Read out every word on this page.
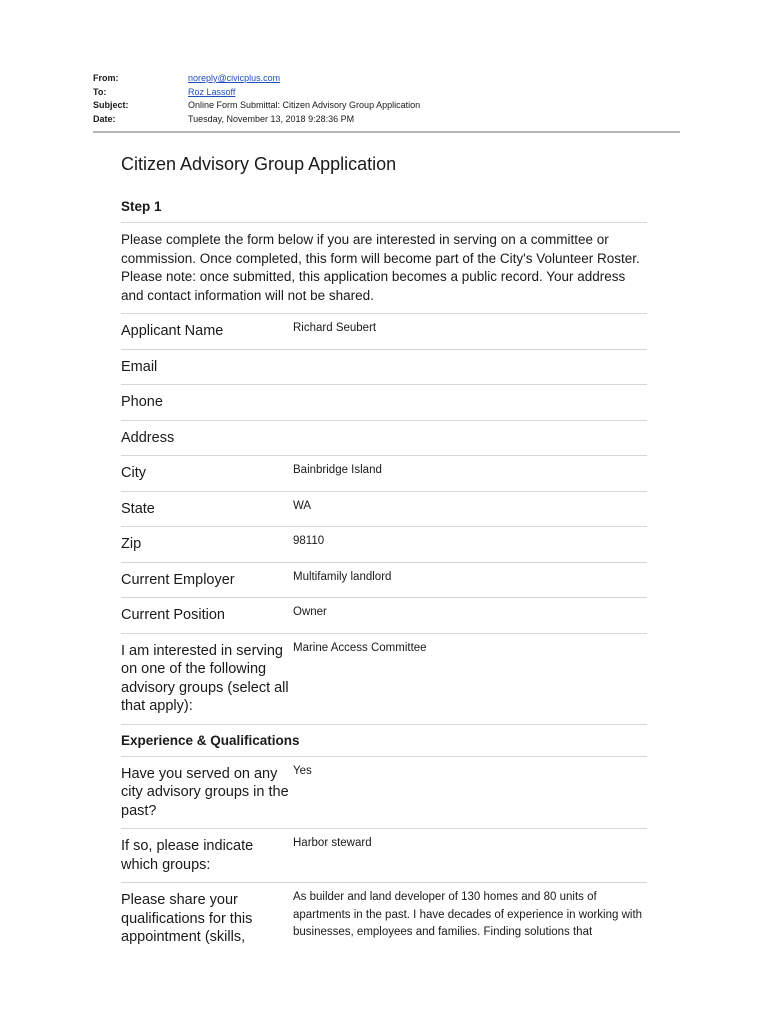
From:	noreply@civicplus.com
To:	Roz Lassoff
Subject:	Online Form Submittal: Citizen Advisory Group Application
Date:	Tuesday, November 13, 2018 9:28:36 PM
Citizen Advisory Group Application
Step 1
Please complete the form below if you are interested in serving on a committee or commission. Once completed, this form will become part of the City's Volunteer Roster. Please note: once submitted, this application becomes a public record. Your address and contact information will not be shared.
Applicant Name	Richard Seubert
Email
Phone
Address
City	Bainbridge Island
State	WA
Zip	98110
Current Employer	Multifamily landlord
Current Position	Owner
I am interested in serving on one of the following advisory groups (select all that apply):
Marine Access Committee
Experience & Qualifications
Have you served on any city advisory groups in the past?
Yes
If so, please indicate which groups:
Harbor steward
Please share your qualifications for this appointment (skills,
As builder and land developer of 130 homes and 80 units of apartments in the past. I have decades of experience in working with businesses, employees and families. Finding solutions that
